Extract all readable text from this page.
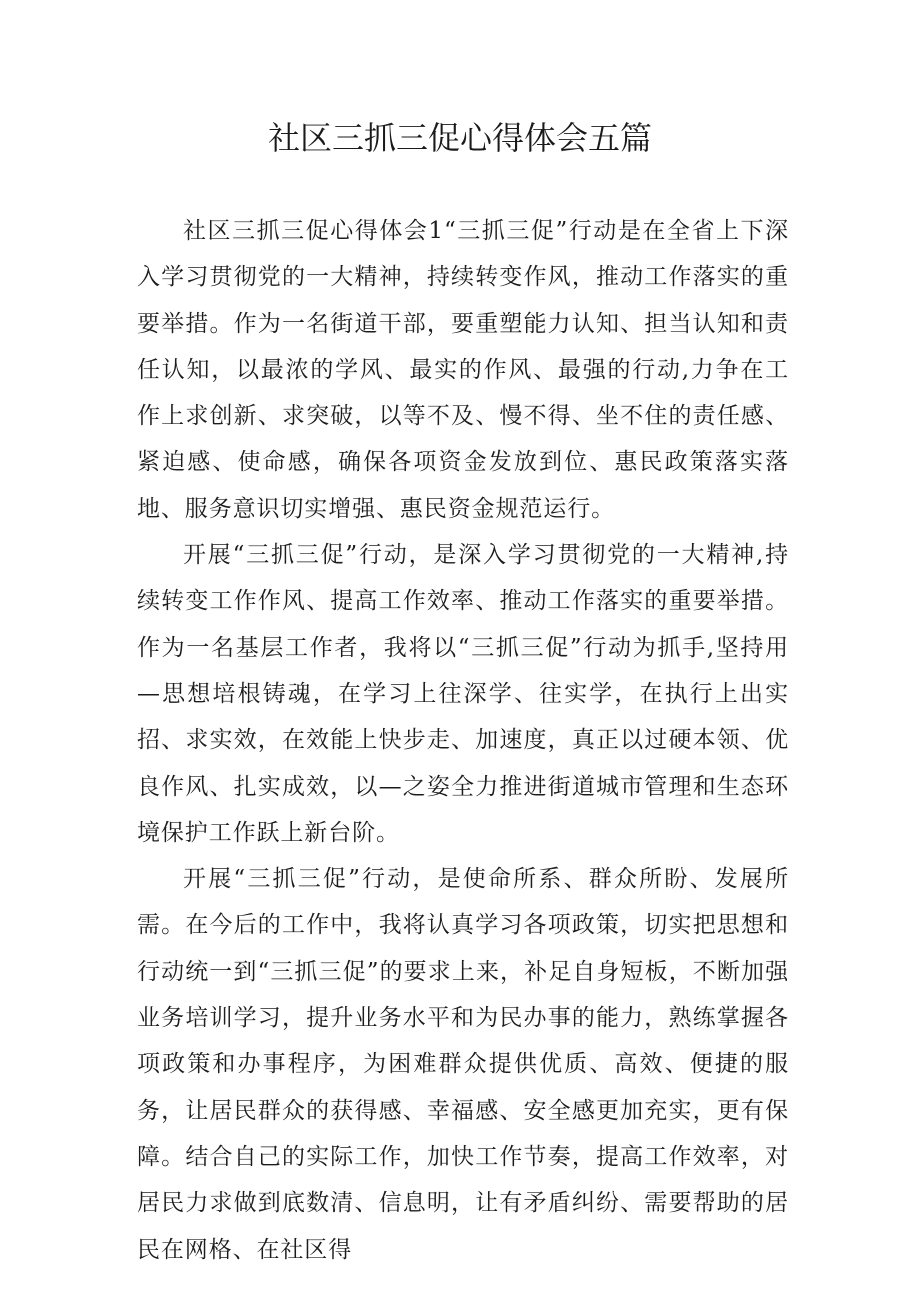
社区三抓三促心得体会五篇

社区三抓三促心得体会1“三抓三促”行动是在全省上下深入学习贯彻党的一大精神，持续转变作风，推动工作落实的重要举措。作为一名街道干部，要重塑能力认知、担当认知和责任认知，以最浓的学风、最实的作风、最强的行动,力争在工作上求创新、求突破，以等不及、慢不得、坐不住的责任感、紧迫感、使命感，确保各项资金发放到位、惠民政策落实落地、服务意识切实增强、惠民资金规范运行。

开展“三抓三促”行动，是深入学习贯彻党的一大精神,持续转变工作作风、提高工作效率、推动工作落实的重要举措。作为一名基层工作者，我将以“三抓三促”行动为抓手,坚持用—思想培根铸魂，在学习上往深学、往实学，在执行上出实招、求实效，在效能上快步走、加速度，真正以过硬本领、优良作风、扎实成效，以—之姿全力推进街道城市管理和生态环境保护工作跃上新台阶。

开展“三抓三促”行动，是使命所系、群众所盼、发展所需。在今后的工作中，我将认真学习各项政策，切实把思想和行动统一到“三抓三促”的要求上来，补足自身短板，不断加强业务培训学习，提升业务水平和为民办事的能力，熟练掌握各项政策和办事程序，为困难群众提供优质、高效、便捷的服务，让居民群众的获得感、幸福感、安全感更加充实，更有保障。结合自己的实际工作，加快工作节奏，提高工作效率，对居民力求做到底数清、信息明，让有矛盾纠纷、需要帮助的居民在网格、在社区得
